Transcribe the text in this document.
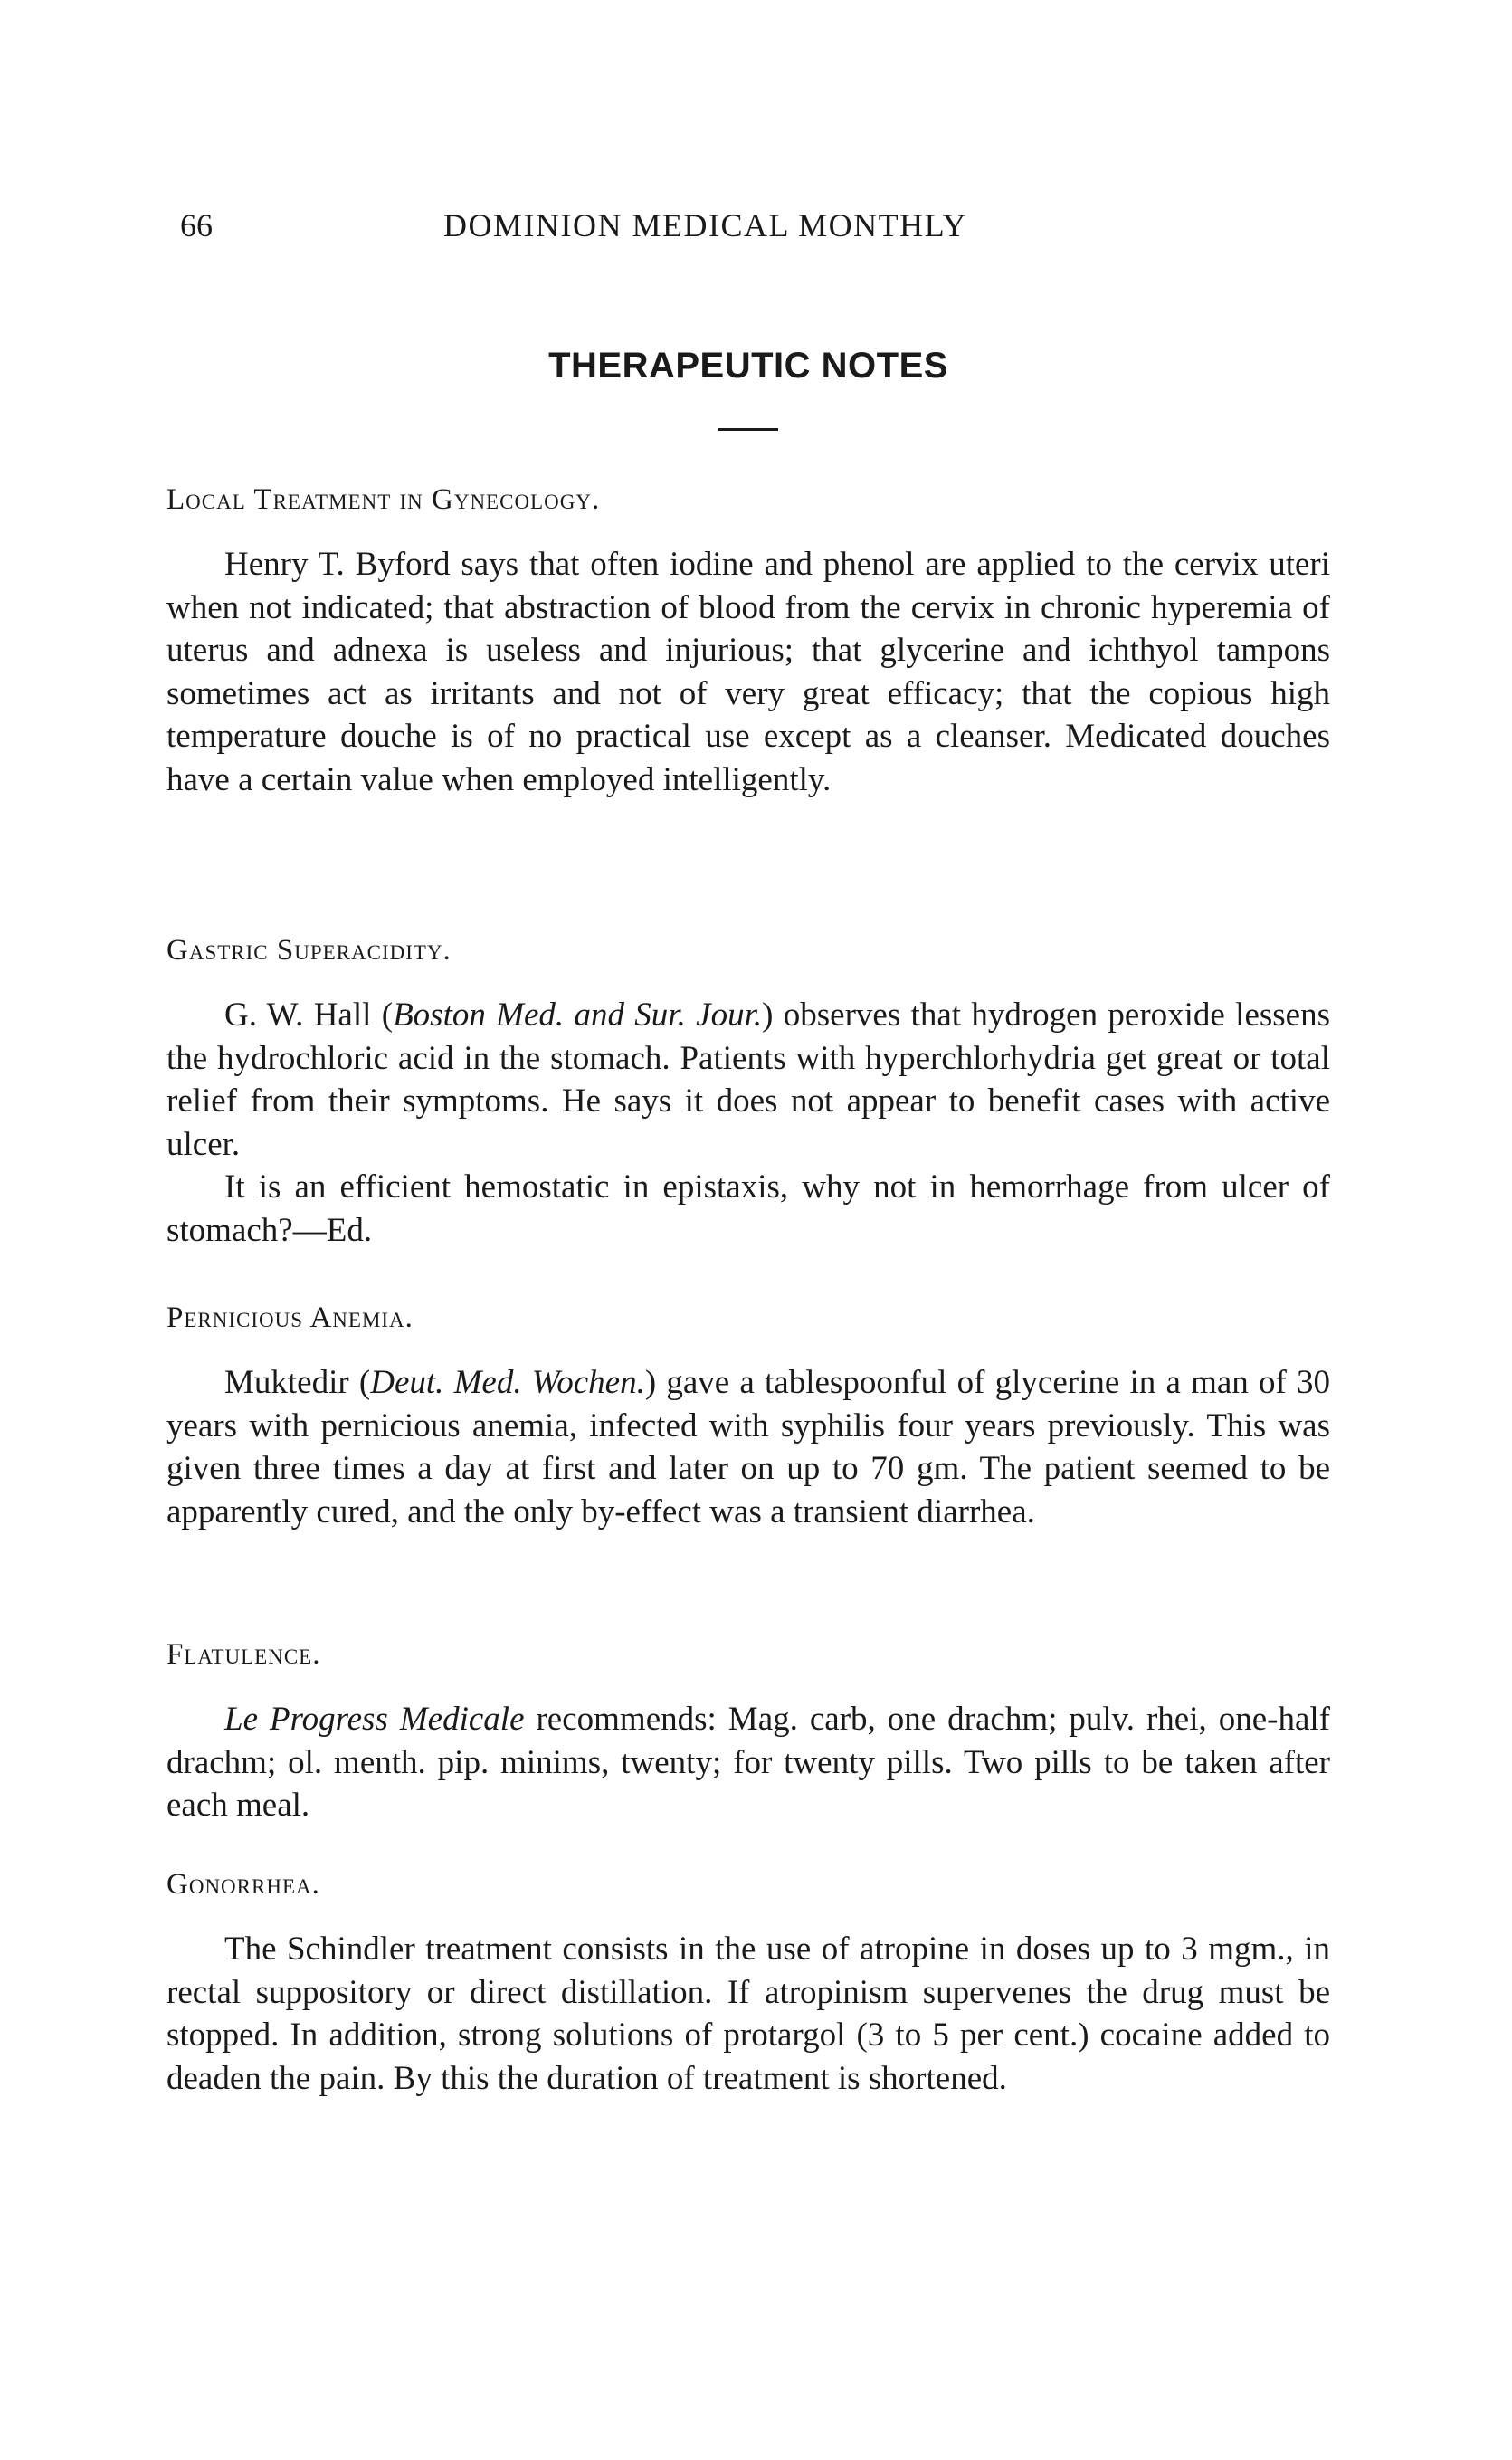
66	DOMINION MEDICAL MONTHLY
THERAPEUTIC NOTES
Local Treatment in Gynecology.

Henry T. Byford says that often iodine and phenol are applied to the cervix uteri when not indicated; that abstraction of blood from the cervix in chronic hyperemia of uterus and adnexa is useless and injurious; that glycerine and ichthyol tampons sometimes act as irritants and not of very great efficacy; that the copious high temperature douche is of no practical use except as a cleanser. Medicated douches have a certain value when employed intelligently.

Gastric Superacidity.

G. W. Hall (Boston Med. and Sur. Jour.) observes that hydrogen peroxide lessens the hydrochloric acid in the stomach. Patients with hyperchlorhydria get great or total relief from their symptoms. He says it does not appear to benefit cases with active ulcer.

It is an efficient hemostatic in epistaxis, why not in hemorrhage from ulcer of stomach?—Ed.

Pernicious Anemia.

Muktedir (Deut. Med. Wochen.) gave a tablespoonful of glycerine in a man of 30 years with pernicious anemia, infected with syphilis four years previously. This was given three times a day at first and later on up to 70 gm. The patient seemed to be apparently cured, and the only by-effect was a transient diarrhea.

Flatulence.

Le Progress Medicale recommends: Mag. carb, one drachm; pulv. rhei, one-half drachm; ol. menth. pip. minims, twenty; for twenty pills. Two pills to be taken after each meal.

Gonorrhea.

The Schindler treatment consists in the use of atropine in doses up to 3 mgm., in rectal suppository or direct distillation. If atropinism supervenes the drug must be stopped. In addition, strong solutions of protargol (3 to 5 per cent.) cocaine added to deaden the pain. By this the duration of treatment is shortened.
